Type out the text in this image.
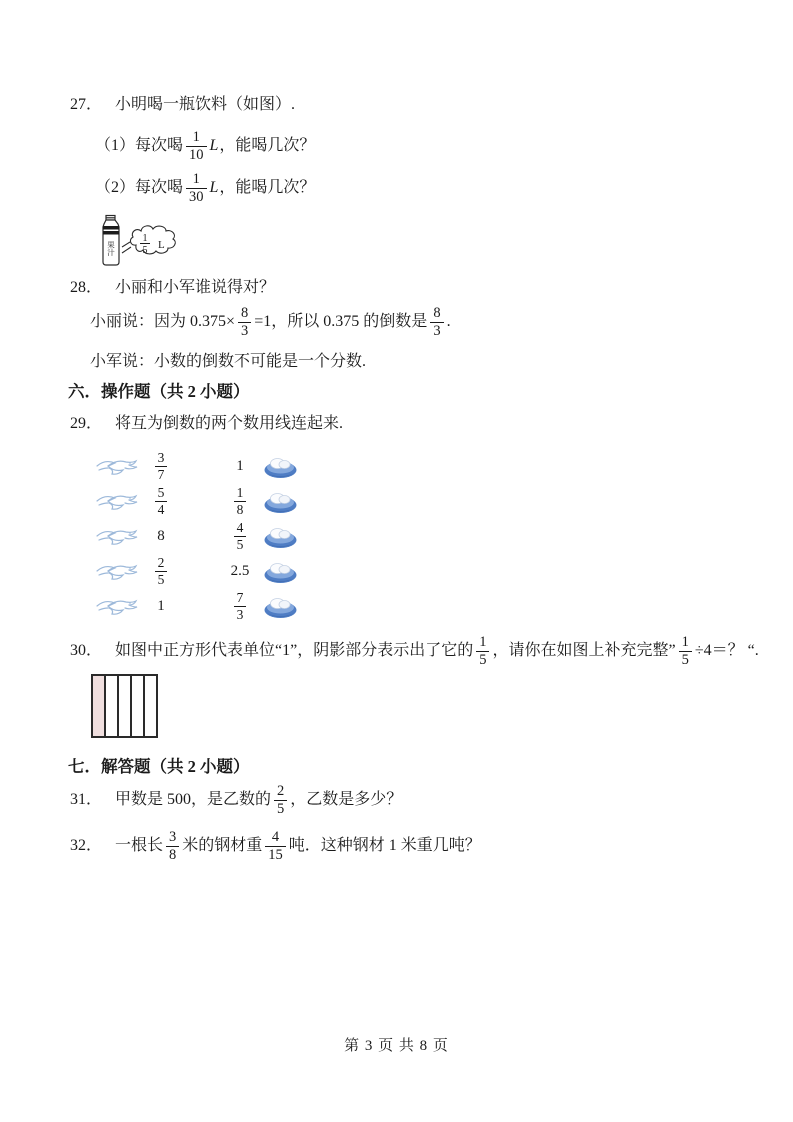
27． 小明喝一瓶饮料（如图）.
（1）每次喝 $\frac{1}{10}$ L ，能喝几次？
（2）每次喝 $\frac{1}{30}$ L ，能喝几次？
果汁
1
5 L
28． 小丽和小军谁说得对？
小丽说：因为 $0.375\times \frac{8}{3} =1$，所以 0.375 的倒数是 $\frac{8}{3}$ .
小军说：小数的倒数不可能是一个分数.
六．操作题（共 2 小题）
29． 将互为倒数的两个数用线连起来.
$\frac{3}{7}$	1
$\frac{5}{4}$	$\frac{1}{8}$
8	$\frac{4}{5}$
$\frac{2}{5}$	2.5
1	$\frac{7}{3}$
30． 如图中正方形代表单位“1”，阴影部分表示出了它的 $\frac{1}{5}$ ，请你在如图上补充完整” $\frac{1}{5} \div 4=$？ “.
七．解答题（共 2 小题）
31． 甲数是 500，是乙数的 $\frac{2}{5}$ ，乙数是多少？
32． 一根长 $\frac{3}{8}$ 米的钢材重 $\frac{4}{15}$ 吨．这种钢材 1 米重几吨？
第 3 页 共 8 页
